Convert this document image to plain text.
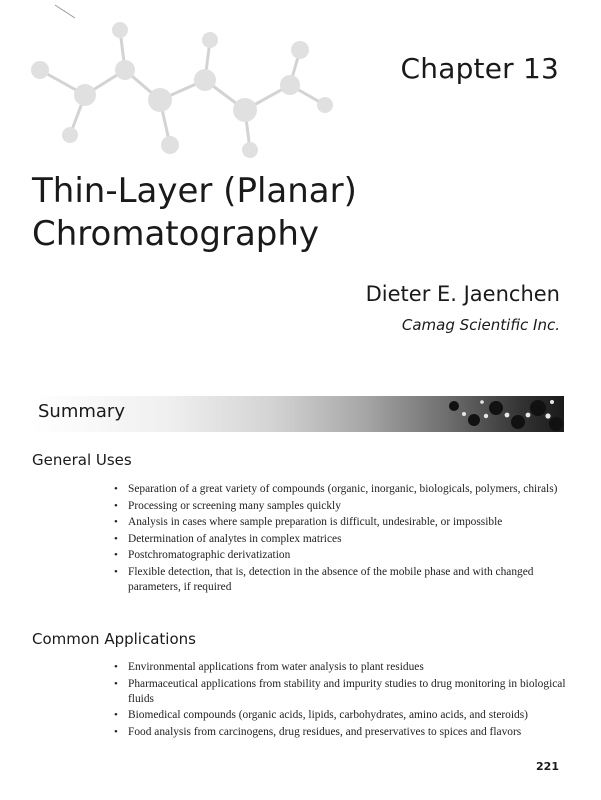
Chapter 13
Thin-Layer (Planar)
Chromatography
Dieter E. Jaenchen
Camag Scientific Inc.
Summary
General Uses
• Separation of a great variety of compounds (organic, inorganic, biologicals, polymers, chirals)
• Processing or screening many samples quickly
• Analysis in cases where sample preparation is difficult, undesirable, or impossible
• Determination of analytes in complex matrices
• Postchromatographic derivatization
• Flexible detection, that is, detection in the absence of the mobile phase and with changed parameters, if required
Common Applications
• Environmental applications from water analysis to plant residues
• Pharmaceutical applications from stability and impurity studies to drug monitoring in biological fluids
• Biomedical compounds (organic acids, lipids, carbohydrates, amino acids, and steroids)
• Food analysis from carcinogens, drug residues, and preservatives to spices and flavors
221
